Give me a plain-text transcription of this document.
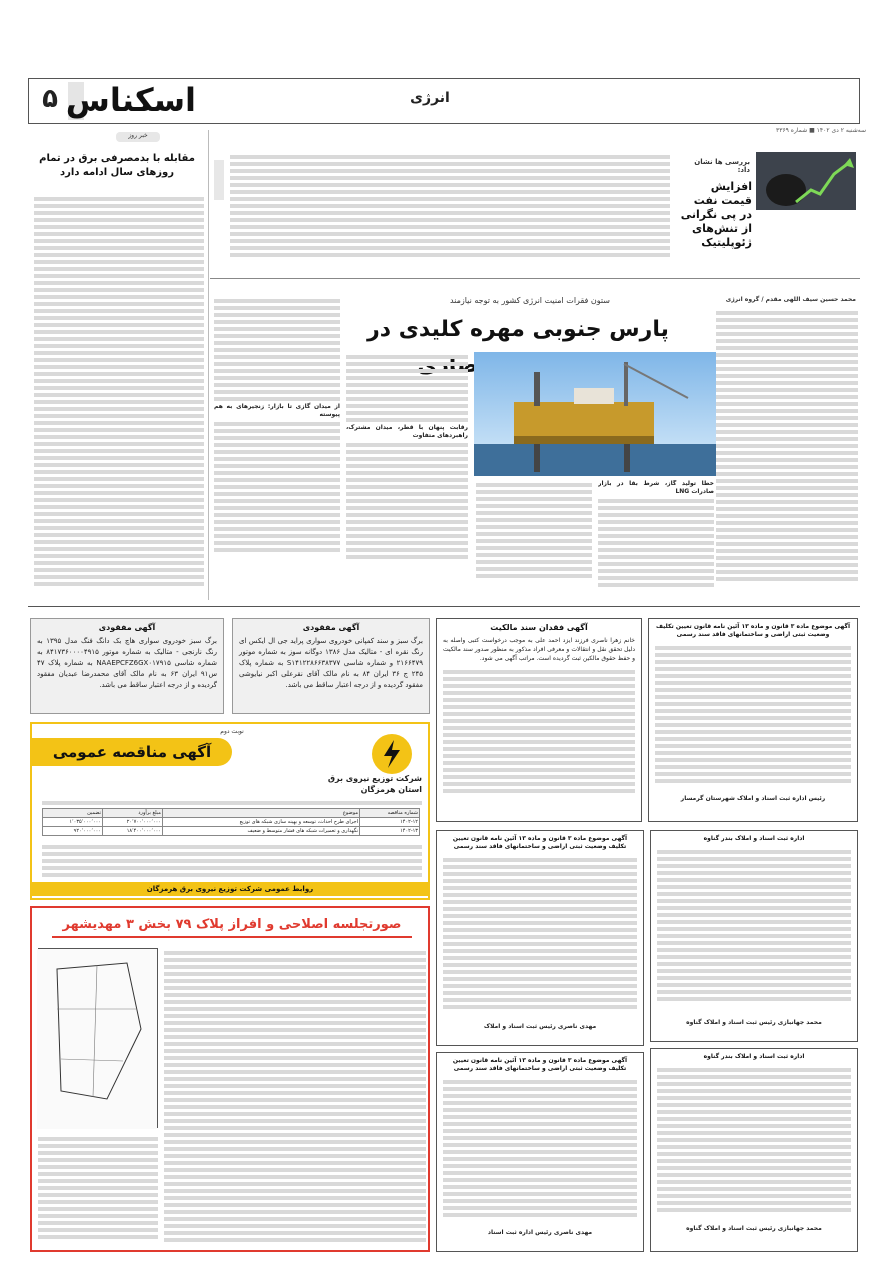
۵ اسکناس	انرژی
سه‌شنبه ۲ دی ۱۴۰۲ ■ شماره ۳۳۶۹
بررسی ها نشان داد:
افزایش قیمت نفت در پی نگرانی از تنش‌های ژئوپلیتیک
خبر روز
مقابله با بدمصرفی برق در تمام روزهای سال ادامه دارد
ستون فقرات امنیت انرژی کشور به توجه نیازمند
پارس جنوبی مهره کلیدی در
محمد حسین سیف اللهی مقدم / گروه انرژی
خطا تولید گاز، شرط بقا در بازار صادرات LNG
رقابت پنهان با قطر، میدان مشترک، راهبردهای متفاوت
از میدان گازی تا بازار: زنجیرهای به هم پیوسته
آگهی مفقودی
برگ سبز خودروی سواری هاچ بک دانگ فنگ مدل ۱۳۹۵ به رنگ نارنجی - متالیک به شماره موتور ۸۴۱۷۳۶۰۰۰۰۴۹۱۵ به شماره شاسی NAAEPCFZ6GX۰۱۷۹۱۵ به شماره پلاک ۴۷ س۹۱ ایران ۶۳ به نام مالک آقای محمدرضا عبدیان مفقود گردیده و از درجه اعتبار ساقط می باشد.
آگهی مفقودی
برگ سبز و سند کمپانی خودروی سواری پراید جی ال ایکس ای رنگ نقره ای - متالیک مدل ۱۳۸۶ دوگانه سوز به شماره موتور ۲۱۶۶۴۷۹ و شماره شاسی S۱۴۱۲۲۸۶۶۳۸۳۷۷ به شماره پلاک ۲۴۵ ج ۳۶ ایران ۸۴ به نام مالک آقای نقرعلی اکبر نیایوشی مفقود گردیده و از درجه اعتبار ساقط می باشد.
آگهی فقدان سند مالکیت
خانم زهرا ناصری فرزند ایزد احمد علی به موجب درخواست کتبی واصله به دلیل تحقق نقل و انتقالات و معرفی افراد مذکور به منظور صدور سند مالکیت و حفظ حقوق مالکین ثبت گردیده است. مراتب آگهی می شود.
آگهی موضوع ماده ۳ قانون و ماده ۱۳ آئین نامه قانون تعیین تکلیف وضعیت ثبتی اراضی و ساختمانهای فاقد سند رسمی
رئیس اداره ثبت اسناد و املاک شهرستان گرمسار
نوبت دوم
آگهی مناقصه عمومی
شرکت توزیع نیروی برق
استان هرمزگان
شماره مناقصه	موضوع	مبلغ برآورد	تضمین
۱۴۰۲-۱۲	اجرای طرح احداث، توسعه و بهینه سازی شبکه های توزیع	۲۰٬۷۰۰٬۰۰۰٬۰۰۰	۱٬۰۳۵٬۰۰۰٬۰۰۰
۱۴۰۲-۱۳	نگهداری و تعمیرات شبکه های فشار متوسط و ضعیف	۱۸٬۴۰۰٬۰۰۰٬۰۰۰	۹۲۰٬۰۰۰٬۰۰۰
روابط عمومی شرکت توزیع نیروی برق هرمزگان
صورتجلسه اصلاحی و افراز پلاک ۷۹ بخش ۳ مهدیشهر
آگهی موضوع ماده ۳ قانون و ماده ۱۳ آئین نامه قانون تعیین تکلیف وضعیت ثبتی اراضی و ساختمانهای فاقد سند رسمی
مهدی ناصری رئیس ثبت اسناد و املاک
اداره ثبت اسناد و املاک بندر گناوه
محمد جهانبازی رئیس ثبت اسناد و املاک گناوه
آگهی موضوع ماده ۳ قانون و ماده ۱۳ آئین نامه قانون تعیین تکلیف وضعیت ثبتی اراضی و ساختمانهای فاقد سند رسمی
مهدی ناصری رئیس اداره ثبت اسناد
اداره ثبت اسناد و املاک بندر گناوه
محمد جهانبازی رئیس ثبت اسناد و املاک گناوه
